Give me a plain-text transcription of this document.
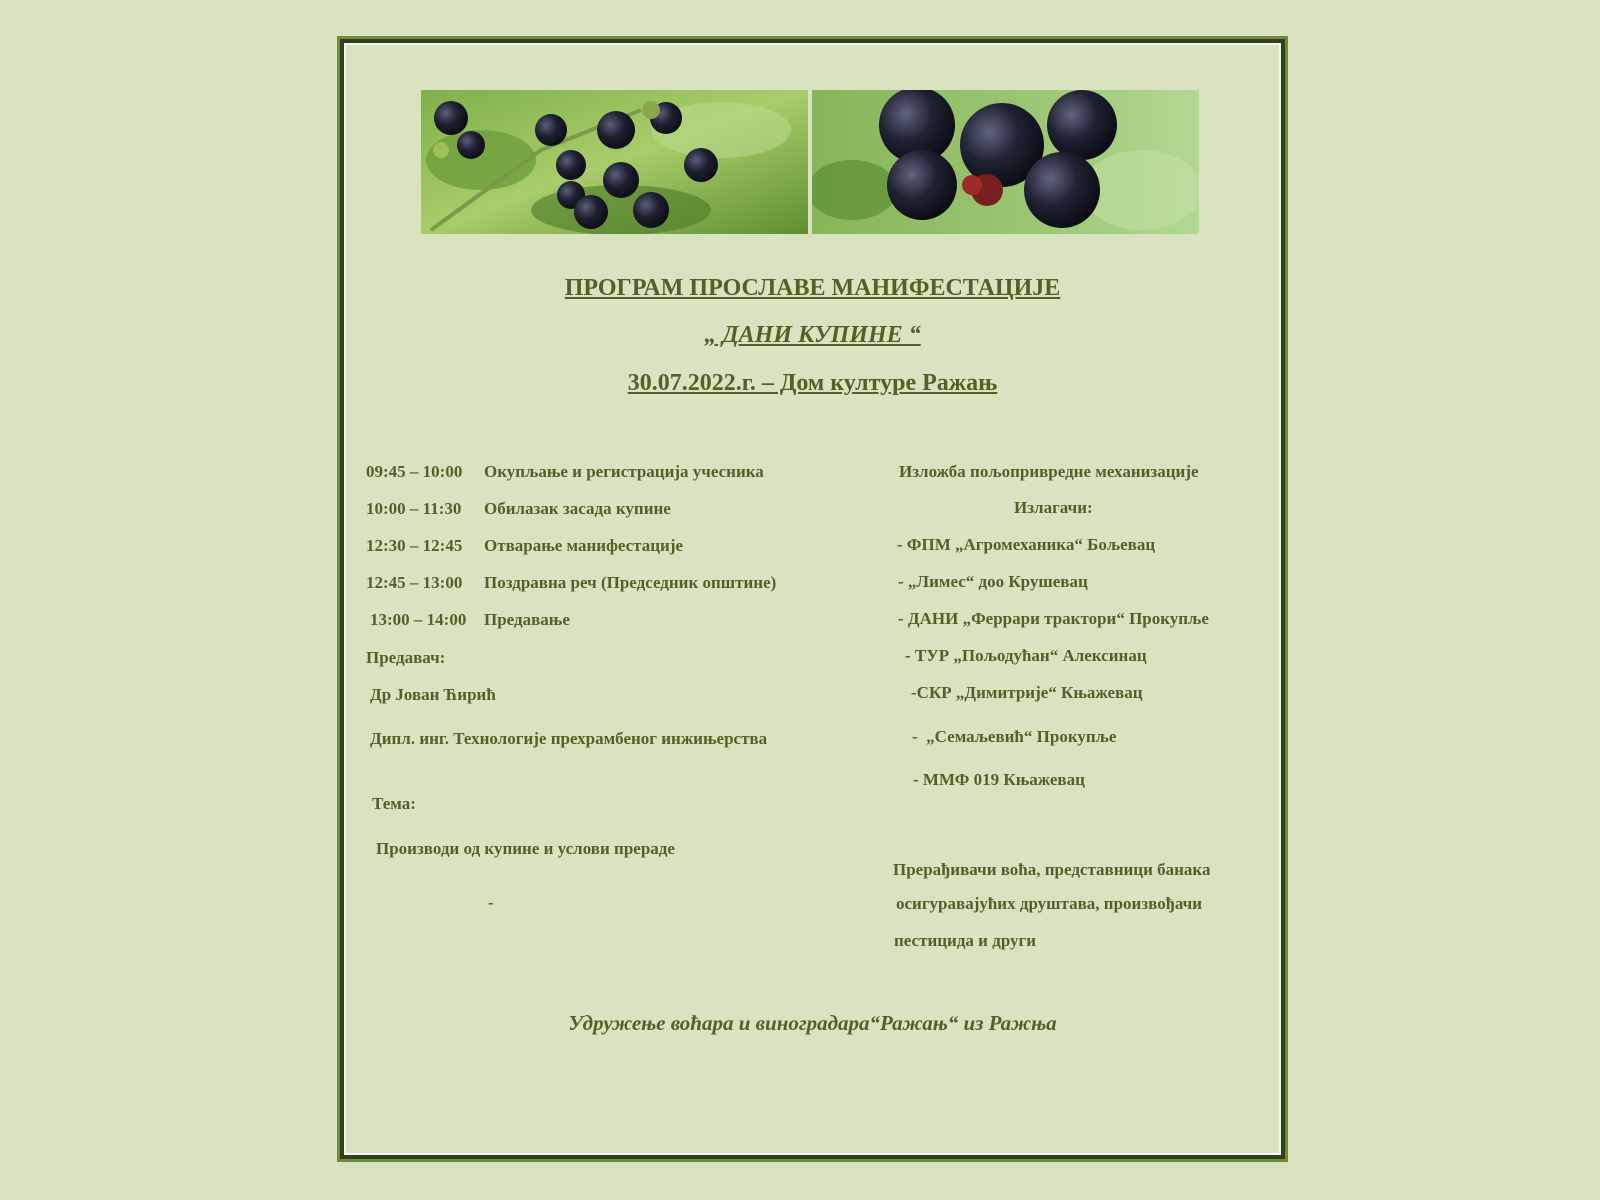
ПРОГРАМ ПРОСЛАВЕ МАНИФЕСТАЦИЈЕ
„ ДАНИ КУПИНЕ “
30.07.2022.г. – Дом културе Ражањ
09:45 – 10:00 Окупљање и регистрација учесника
10:00 – 11:30 Обилазак засада купине
12:30 – 12:45 Отварање манифестације
12:45 – 13:00 Поздравна реч (Председник општине)
13:00 – 14:00 Предавање
Предавач:
Др Јован Ћирић
Дипл. инг. Технологије прехрамбеног инжињерства
Тема:
Производи од купине и услови прераде
-
Изложба пољопривредне механизације
Излагачи:
- ФПМ „Агромеханика“ Бољевац
- „Лимес“ доо Крушевац
- ДАНИ „Феррари трактори“ Прокупље
- ТУР „Пољодућан“ Алексинац
-СКР „Димитрије“ Књажевац
-  „Семаљевић“ Прокупље
- ММФ 019 Књажевац
Прерађивачи воћа, представници банака
осигуравајућих друштава, произвођачи
пестицида и други
Удружење воћара и виноградара“Ражањ“ из Ражња
